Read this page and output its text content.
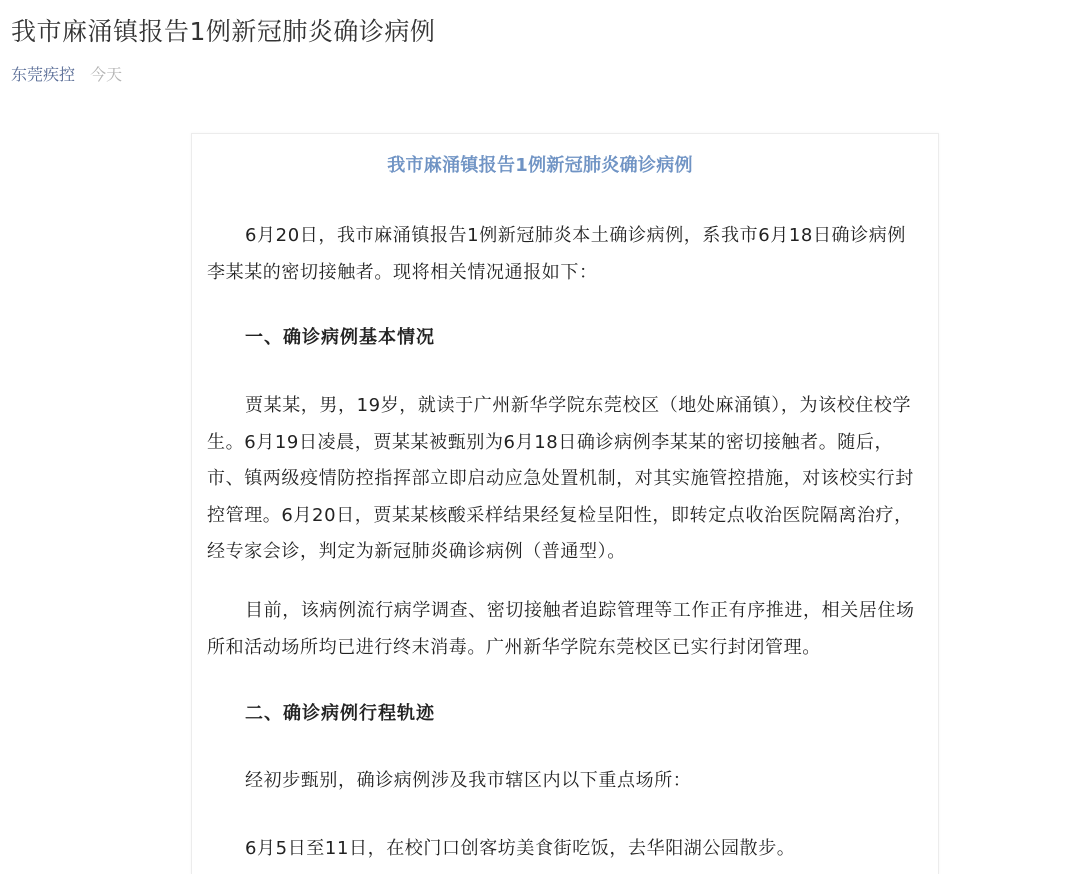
我市麻涌镇报告1例新冠肺炎确诊病例
东莞疾控 今天
我市麻涌镇报告1例新冠肺炎确诊病例

6月20日，我市麻涌镇报告1例新冠肺炎本土确诊病例，系我市6月18日确诊病例李某某的密切接触者。现将相关情况通报如下：

一、确诊病例基本情况

贾某某，男，19岁，就读于广州新华学院东莞校区（地处麻涌镇），为该校住校学生。6月19日凌晨，贾某某被甄别为6月18日确诊病例李某某的密切接触者。随后，市、镇两级疫情防控指挥部立即启动应急处置机制，对其实施管控措施，对该校实行封控管理。6月20日，贾某某核酸采样结果经复检呈阳性，即转定点收治医院隔离治疗，经专家会诊，判定为新冠肺炎确诊病例（普通型）。

目前，该病例流行病学调查、密切接触者追踪管理等工作正有序推进，相关居住场所和活动场所均已进行终末消毒。广州新华学院东莞校区已实行封闭管理。

二、确诊病例行程轨迹

经初步甄别，确诊病例涉及我市辖区内以下重点场所：

6月5日至11日，在校门口创客坊美食街吃饭，去华阳湖公园散步。
